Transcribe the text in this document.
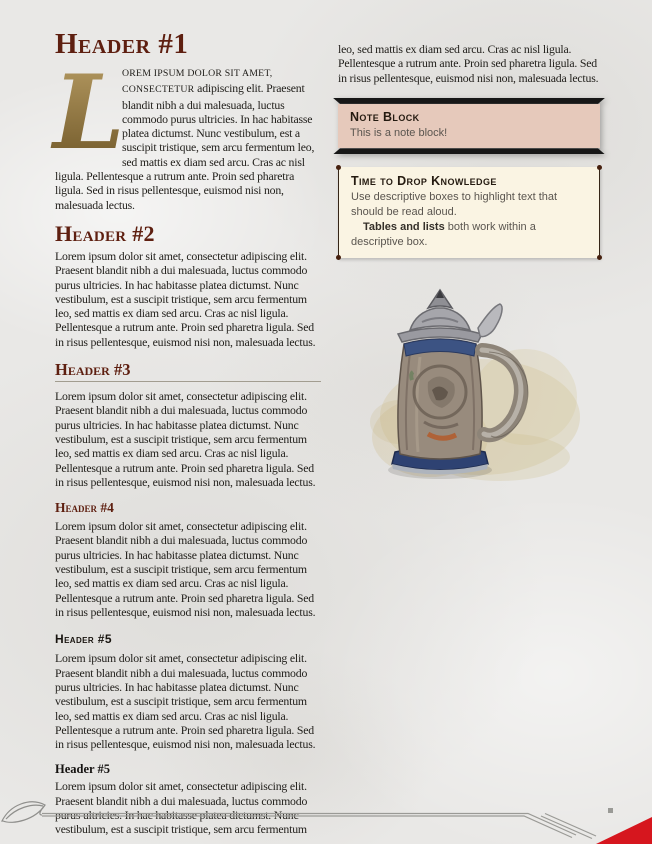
Header #1

L
OREM IPSUM DOLOR SIT AMET, CONSECTETUR adipiscing elit. Praesent blandit nibh a dui malesuada, luctus commodo purus ultricies. In hac habitasse platea dictumst. Nunc vestibulum, est a suscipit tristique, sem arcu fermentum leo, sed mattis ex diam sed arcu. Cras ac nisl ligula. Pellentesque a rutrum ante. Proin sed pharetra ligula. Sed in risus pellentesque, euismod nisi non, malesuada lectus.

Header #2

Lorem ipsum dolor sit amet, consectetur adipiscing elit. Praesent blandit nibh a dui malesuada, luctus commodo purus ultricies. In hac habitasse platea dictumst. Nunc vestibulum, est a suscipit tristique, sem arcu fermentum leo, sed mattis ex diam sed arcu. Cras ac nisl ligula. Pellentesque a rutrum ante. Proin sed pharetra ligula. Sed in risus pellentesque, euismod nisi non, malesuada lectus.

Header #3

Lorem ipsum dolor sit amet, consectetur adipiscing elit. Praesent blandit nibh a dui malesuada, luctus commodo purus ultricies. In hac habitasse platea dictumst. Nunc vestibulum, est a suscipit tristique, sem arcu fermentum leo, sed mattis ex diam sed arcu. Cras ac nisl ligula. Pellentesque a rutrum ante. Proin sed pharetra ligula. Sed in risus pellentesque, euismod nisi non, malesuada lectus.

Header #4

Lorem ipsum dolor sit amet, consectetur adipiscing elit. Praesent blandit nibh a dui malesuada, luctus commodo purus ultricies. In hac habitasse platea dictumst. Nunc vestibulum, est a suscipit tristique, sem arcu fermentum leo, sed mattis ex diam sed arcu. Cras ac nisl ligula. Pellentesque a rutrum ante. Proin sed pharetra ligula. Sed in risus pellentesque, euismod nisi non, malesuada lectus.

Header #5

Lorem ipsum dolor sit amet, consectetur adipiscing elit. Praesent blandit nibh a dui malesuada, luctus commodo purus ultricies. In hac habitasse platea dictumst. Nunc vestibulum, est a suscipit tristique, sem arcu fermentum leo, sed mattis ex diam sed arcu. Cras ac nisl ligula. Pellentesque a rutrum ante. Proin sed pharetra ligula. Sed in risus pellentesque, euismod nisi non, malesuada lectus.

Header #5

Lorem ipsum dolor sit amet, consectetur adipiscing elit. Praesent blandit nibh a dui malesuada, luctus commodo purus ultricies. In hac habitasse platea dictumst. Nunc vestibulum, est a suscipit tristique, sem arcu fermentum

leo, sed mattis ex diam sed arcu. Cras ac nisl ligula. Pellentesque a rutrum ante. Proin sed pharetra ligula. Sed in risus pellentesque, euismod nisi non, malesuada lectus.

Note Block

This is a note block!

Time to Drop Knowledge

Use descriptive boxes to highlight text that should be read aloud.
Tables and lists both work within a descriptive box.
